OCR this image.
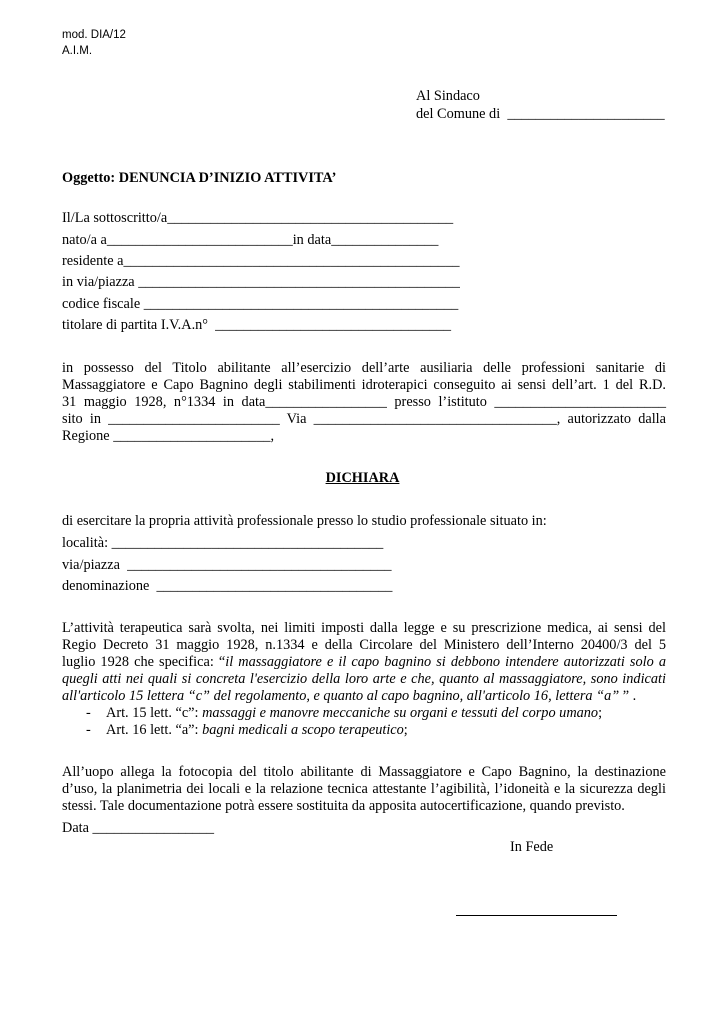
mod. DIA/12
A.I.M.
Al Sindaco
del Comune di  ______________________
Oggetto: DENUNCIA D’INIZIO ATTIVITA’
Il/La sottoscritto/a________________________________________
nato/a a__________________________in data_______________
residente a_______________________________________________
in via/piazza _____________________________________________
codice fiscale ____________________________________________
titolare di partita I.V.A.n°  _________________________________
in possesso del Titolo abilitante all’esercizio dell’arte ausiliaria delle professioni sanitarie di
Massaggiatore e Capo Bagnino degli stabilimenti idroterapici conseguito ai sensi dell’art. 1 del R.D.
31 maggio 1928, n°1334 in data_________________ presso l’istituto ________________________
sito in ________________________ Via __________________________________, autorizzato dalla
Regione ______________________,
DICHIARA
di esercitare la propria attività professionale presso lo studio professionale situato in:
località: ______________________________________
via/piazza  _____________________________________
denominazione  _________________________________
L’attività terapeutica sarà svolta, nei limiti imposti dalla legge e su prescrizione medica, ai sensi del
Regio Decreto 31 maggio 1928, n.1334 e della Circolare del Ministero dell’Interno 20400/3 del 5
luglio 1928 che specifica: “il massaggiatore e il capo bagnino si debbono intendere autorizzati solo a
quegli atti nei quali si concreta l'esercizio della loro arte e che, quanto al massaggiatore, sono indicati
all'articolo 15 lettera “c” del regolamento, e quanto al capo bagnino, all'articolo 16, lettera “a” ” .
- Art. 15 lett. “c”: massaggi e manovre meccaniche su organi e tessuti del corpo umano;
- Art. 16 lett. “a”: bagni medicali a scopo terapeutico;
All’uopo allega la fotocopia del titolo abilitante di Massaggiatore e Capo Bagnino, la destinazione
d’uso, la planimetria dei locali e la relazione tecnica attestante l’agibilità, l’idoneità e la sicurezza degli
stessi. Tale documentazione potrà essere sostituita da apposita autocertificazione, quando previsto.
Data _________________
In Fede
